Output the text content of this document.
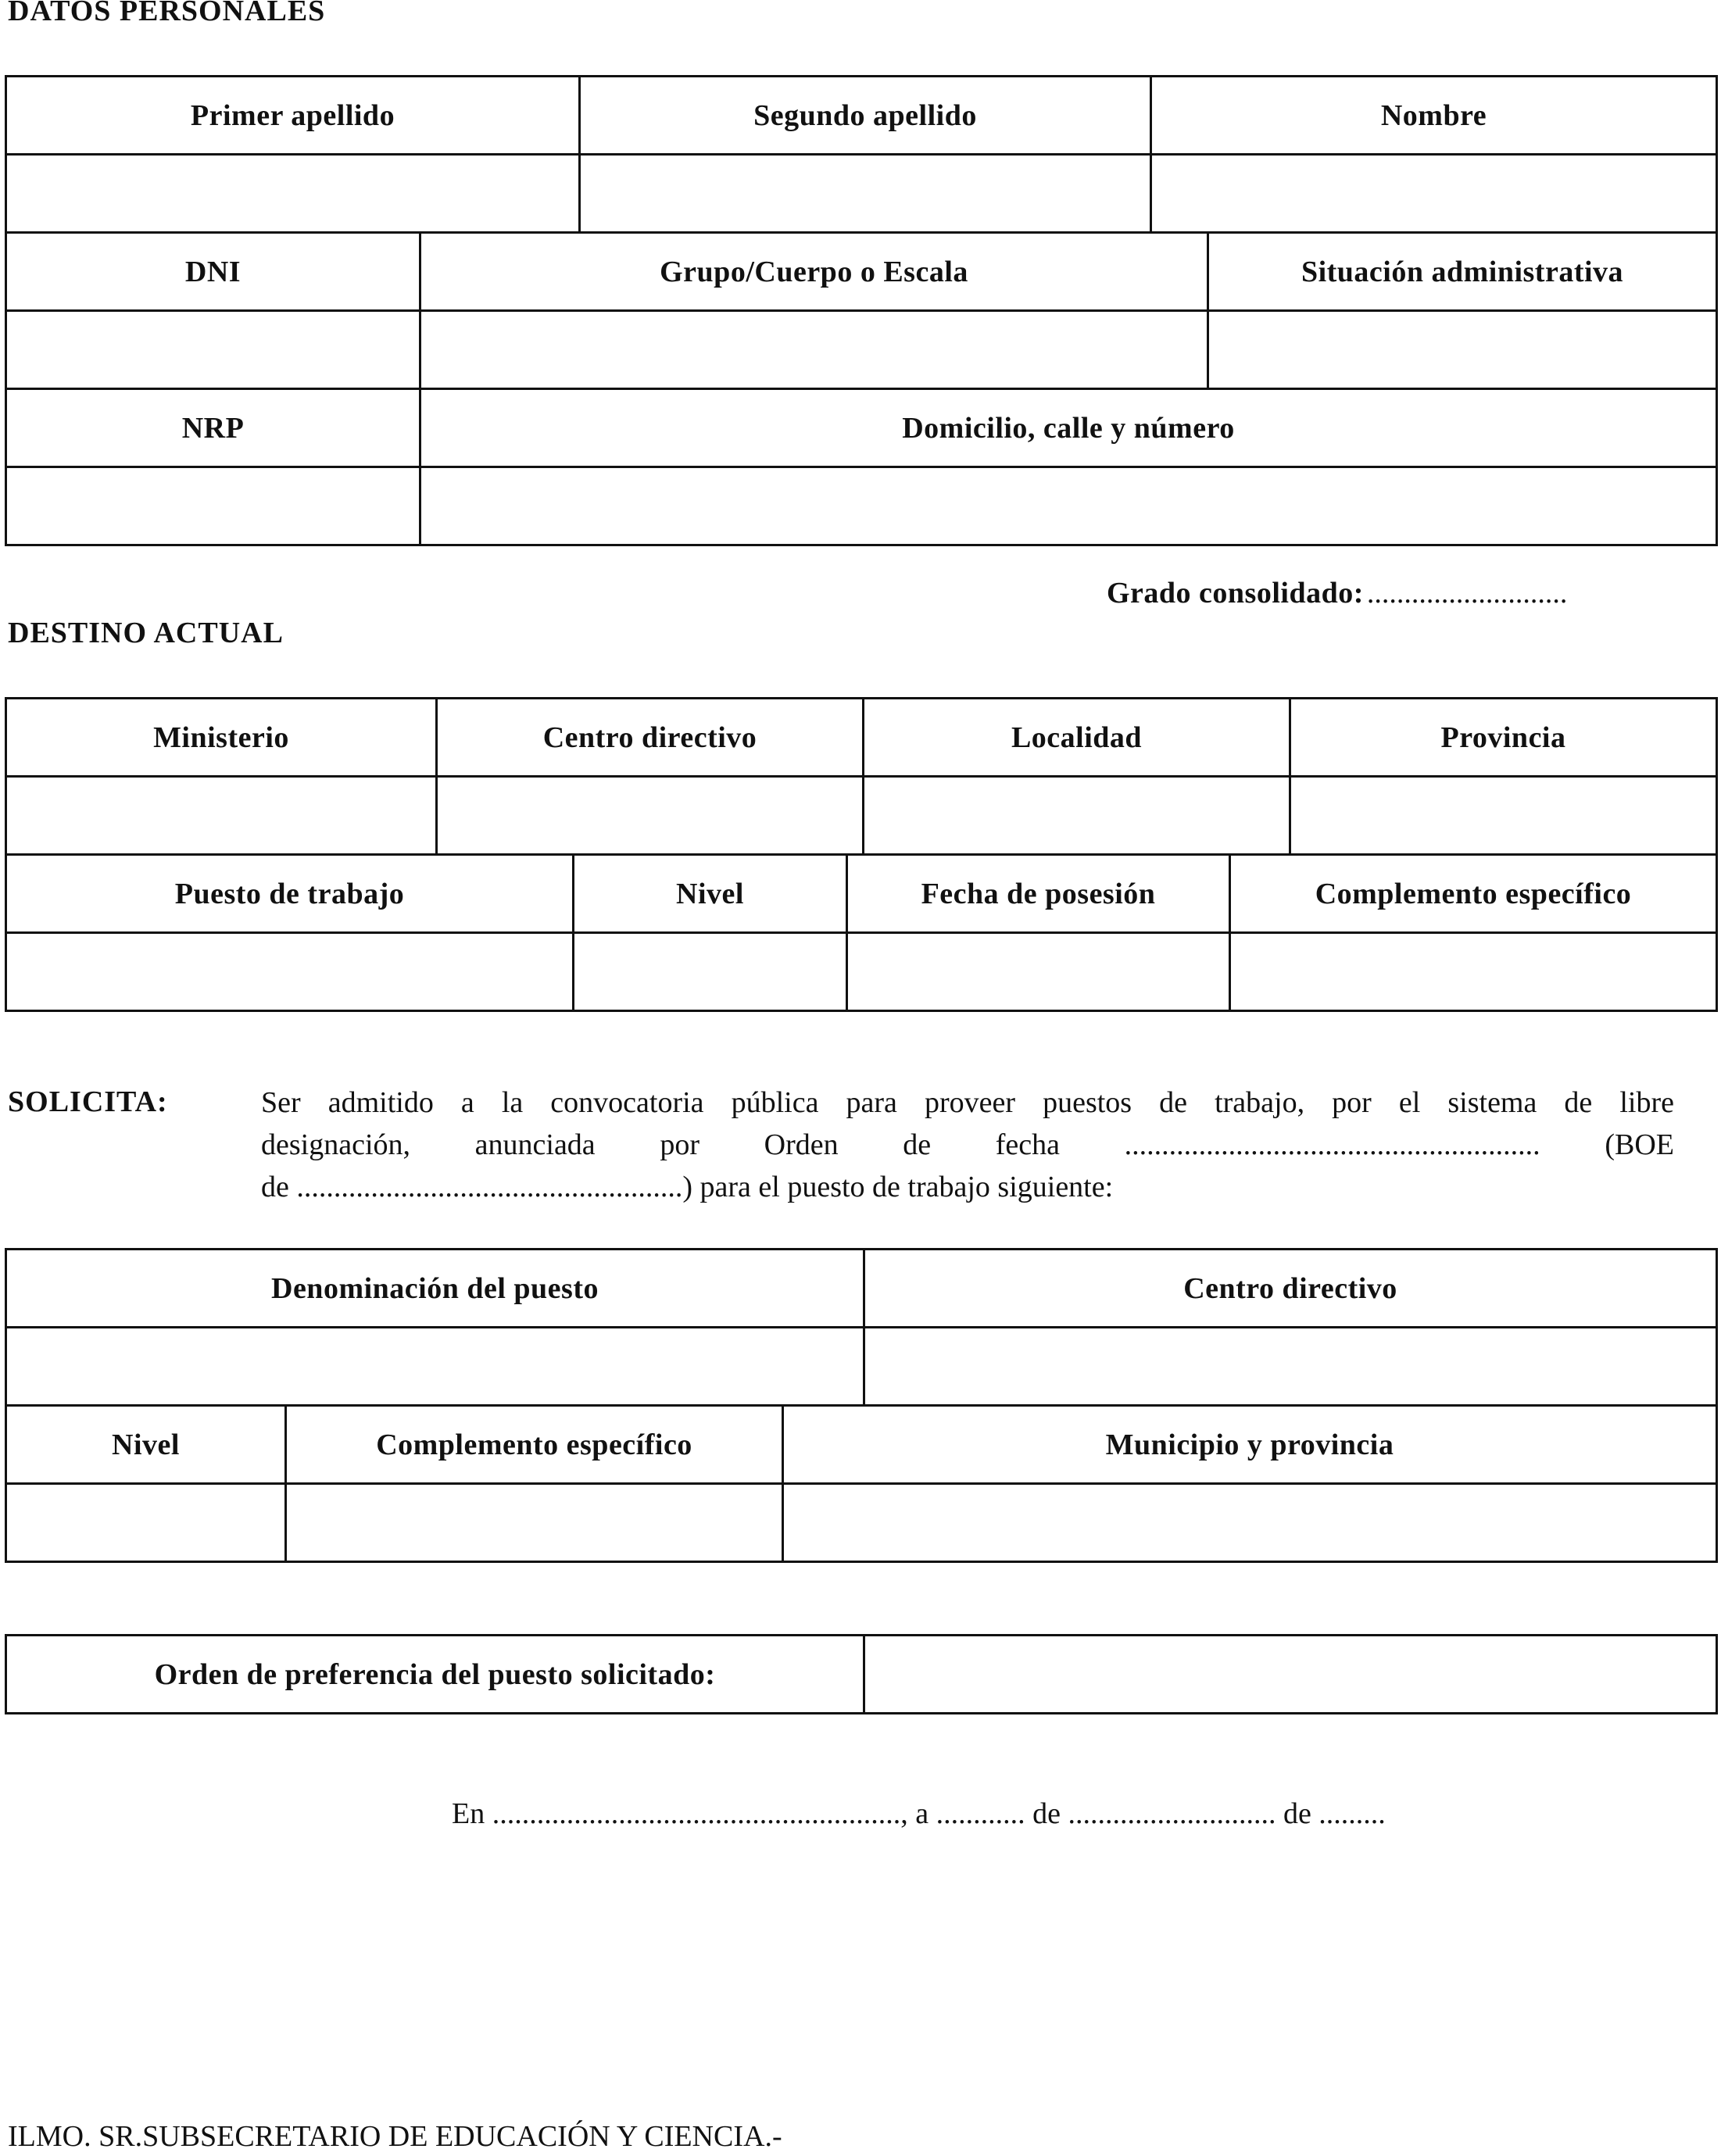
DATOS PERSONALES
Primer apellido	Segundo apellido	Nombre
DNI	Grupo/Cuerpo o Escala	Situación administrativa
NRP	Domicilio, calle y número
Grado consolidado: ...........................
DESTINO ACTUAL
Ministerio	Centro directivo	Localidad	Provincia
Puesto de trabajo	Nivel	Fecha de posesión	Complemento específico
SOLICITA:	Ser admitido a la convocatoria pública para proveer puestos de trabajo, por el sistema de libre
designación, anunciada por Orden de fecha ........................................................ (BOE
de ....................................................) para el puesto de trabajo siguiente:
Denominación del puesto	Centro directivo
Nivel	Complemento específico	Municipio y provincia
Orden de preferencia del puesto solicitado:
En ......................................................., a ............ de ............................ de .........
ILMO. SR.SUBSECRETARIO DE EDUCACIÓN Y CIENCIA.-
